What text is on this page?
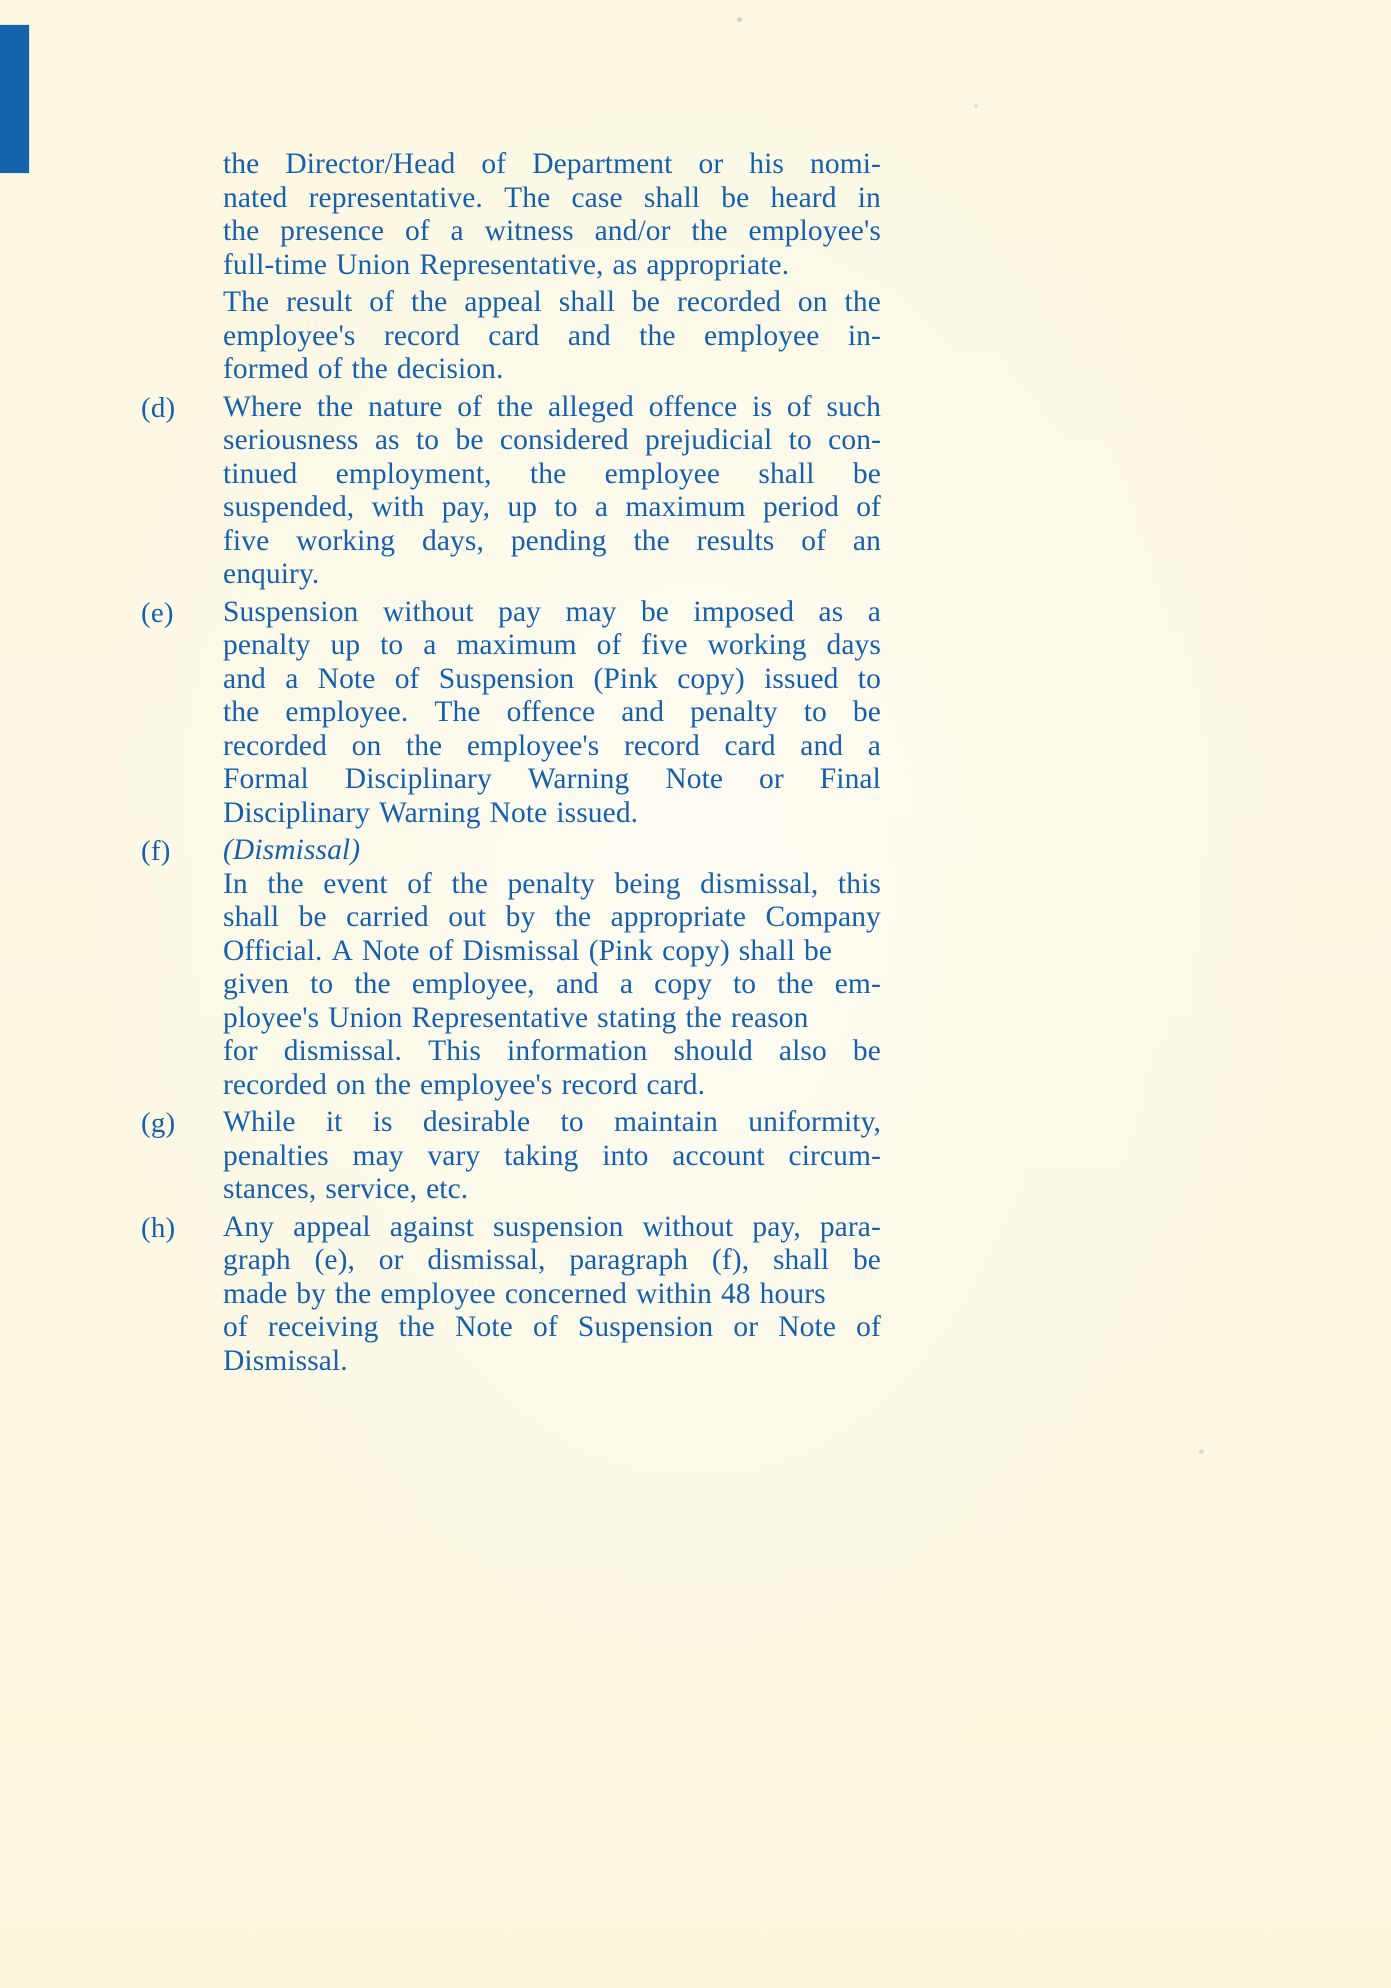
the Director/Head of Department or his nomi-
nated representative. The case shall be heard in
the presence of a witness and/or the employee's
full-time Union Representative, as appropriate.
The result of the appeal shall be recorded on the
employee's record card and the employee in-
formed of the decision.
(d)	Where the nature of the alleged offence is of such
seriousness as to be considered prejudicial to con-
tinued employment, the employee shall be
suspended, with pay, up to a maximum period of
five working days, pending the results of an
enquiry.
(e)	Suspension without pay may be imposed as a
penalty up to a maximum of five working days
and a Note of Suspension (Pink copy) issued to
the employee. The offence and penalty to be
recorded on the employee's record card and a
Formal Disciplinary Warning Note or Final
Disciplinary Warning Note issued.
(f)	(Dismissal)
In the event of the penalty being dismissal, this
shall be carried out by the appropriate Company
Official. A Note of Dismissal (Pink copy) shall be
given to the employee, and a copy to the em-
ployee's Union Representative stating the reason
for dismissal. This information should also be
recorded on the employee's record card.
(g)	While it is desirable to maintain uniformity,
penalties may vary taking into account circum-
stances, service, etc.
(h)	Any appeal against suspension without pay, para-
graph (e), or dismissal, paragraph (f), shall be
made by the employee concerned within 48 hours
of receiving the Note of Suspension or Note of
Dismissal.
